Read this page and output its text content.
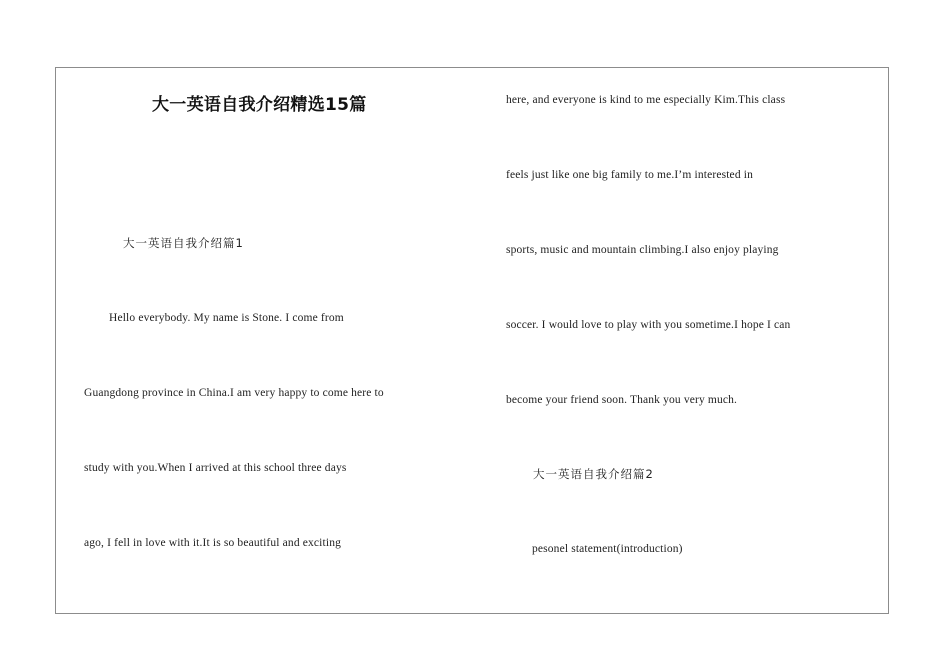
大一英语自我介绍精选15篇
大一英语自我介绍篇1
Hello everybody. My name is Stone. I come from
Guangdong province in China.I am very happy to come here to
study with you.When I arrived at this school three days
ago, I fell in love with it.It is so beautiful and exciting
here, and everyone is kind to me especially Kim.This class
feels just like one big family to me.I’m interested in
sports, music and mountain climbing.I also enjoy playing
soccer. I would love to play with you sometime.I hope I can
become your friend soon. Thank you very much.
大一英语自我介绍篇2
pesonel statement(introduction)
